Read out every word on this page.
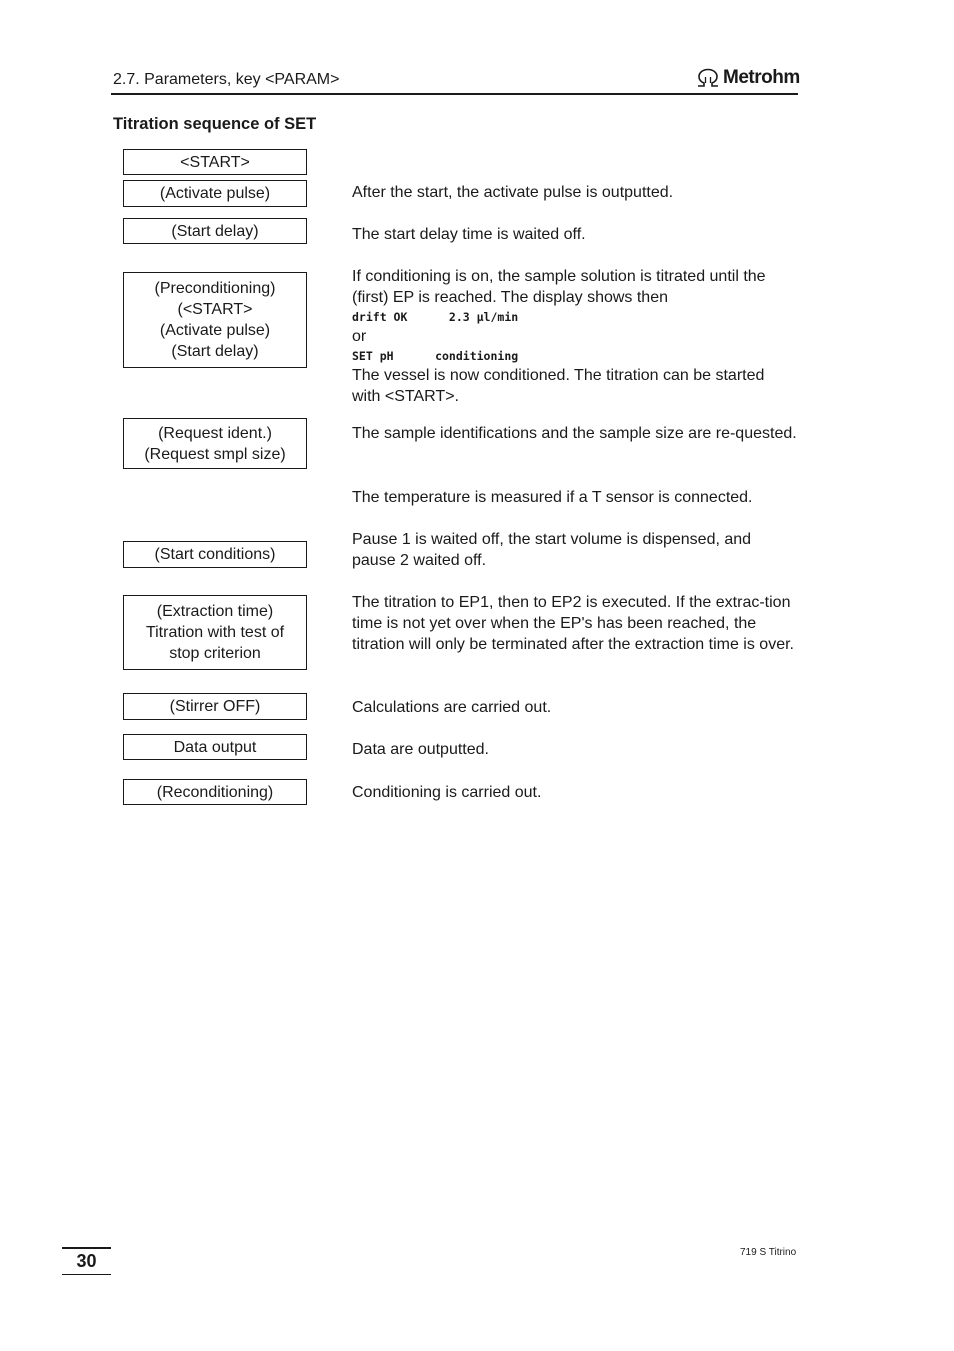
2.7. Parameters, key <PARAM>	Metrohm
Titration sequence of SET
<START>
(Activate pulse)
(Start delay)
(Preconditioning)
(<START>
(Activate pulse)
(Start delay)
(Request ident.)
(Request smpl size)
(Start conditions)
(Extraction time)
Titration with test of
stop criterion
(Stirrer OFF)
Data output
(Reconditioning)
After the start, the activate pulse is outputted.
The start delay time is waited off.
If conditioning is on, the sample solution is titrated until the (first) EP is reached. The display shows then
drift OK      2.3 µl/min
or
SET pH      conditioning
The vessel is now conditioned. The titration can be started with <START>.
The sample identifications and the sample size are re-quested.
The temperature is measured if a T sensor is connected.
Pause 1 is waited off, the start volume is dispensed, and pause 2 waited off.
The titration to EP1, then to EP2 is executed. If the extrac-tion time is not yet over when the EP's has been reached, the titration will only be terminated after the extraction time is over.
Calculations are carried out.
Data are outputted.
Conditioning is carried out.
30	719 S Titrino
